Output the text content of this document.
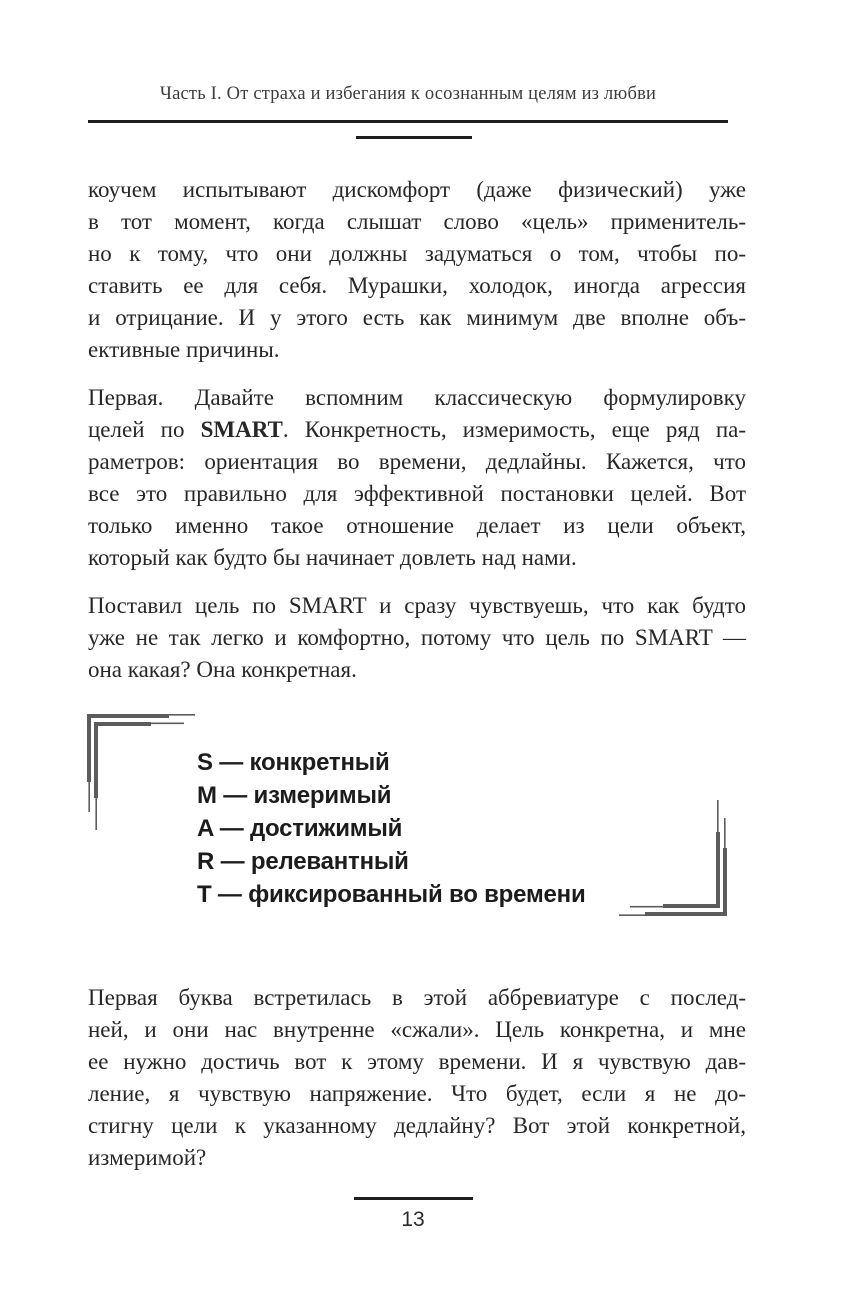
Часть I. От страха и избегания к осознанным целям из любви
коучем испытывают дискомфорт (даже физический) уже
в тот момент, когда слышат слово «цель» применитель-
но к тому, что они должны задуматься о том, чтобы по-
ставить ее для себя. Мурашки, холодок, иногда агрессия
и отрицание. И у этого есть как минимум две вполне объ-
ективные причины.
Первая. Давайте вспомним классическую формулировку
целей по SMART. Конкретность, измеримость, еще ряд па-
раметров: ориентация во времени, дедлайны. Кажется, что
все это правильно для эффективной постановки целей. Вот
только именно такое отношение делает из цели объект,
который как будто бы начинает довлеть над нами.
Поставил цель по SMART и сразу чувствуешь, что как будто
уже не так легко и комфортно, потому что цель по SMART —
она какая? Она конкретная.
S — конкретный
M — измеримый
A — достижимый
R — релевантный
T — фиксированный во времени
Первая буква встретилась в этой аббревиатуре с послед-
ней, и они нас внутренне «сжали». Цель конкретна, и мне
ее нужно достичь вот к этому времени. И я чувствую дав-
ление, я чувствую напряжение. Что будет, если я не до-
стигну цели к указанному дедлайну? Вот этой конкретной,
измеримой?
13
